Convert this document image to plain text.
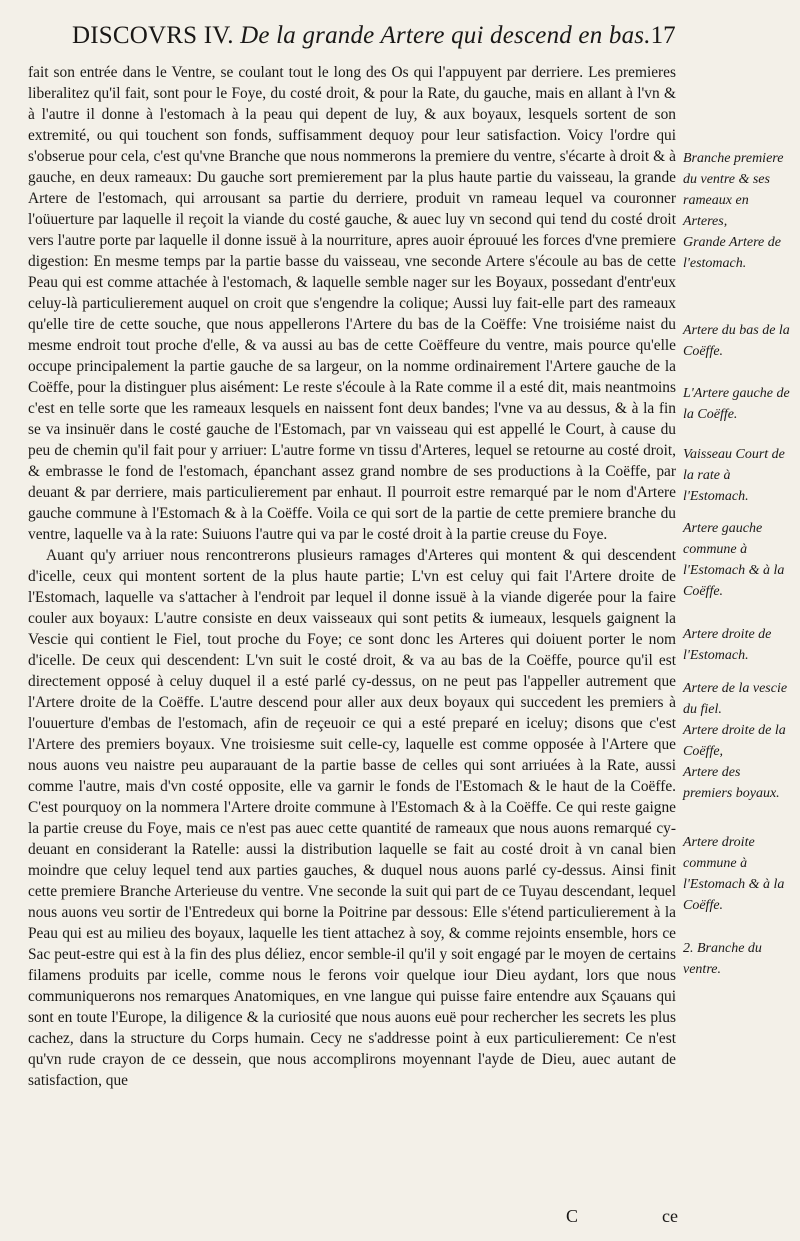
DISCOVRS IV. De la grande Artere qui descend en bas. 17

fait son entrée dans le Ventre, se coulant tout le long des Os qui l'appuyent par derriere. Les premieres liberalitez qu'il fait, sont pour le Foye, du costé droit, & pour la Rate, du gauche, mais en allant à l'vn & à l'autre il donne à l'estomach à la peau qui depent de luy, & aux boyaux, lesquels sortent de son extremité, ou qui touchent son fonds, suffisamment dequoy pour leur satisfaction. Voicy l'ordre qui s'obserue pour cela, c'est qu'vne Branche que nous nommerons la premiere du ventre, s'écarte à droit & à gauche, en deux rameaux: Du gauche sort premierement par la plus haute partie du vaisseau, la grande Artere de l'estomach, qui arrousant sa partie du derriere, produit vn rameau lequel va couronner l'oüuerture par laquelle il reçoit la viande du costé gauche, & auec luy vn second qui tend du costé droit vers l'autre porte par laquelle il donne issuë à la nourriture, apres auoir éprouué les forces d'vne premiere digestion: En mesme temps par la partie basse du vaisseau, vne seconde Artere s'écoule au bas de cette Peau qui est comme attachée à l'estomach, & laquelle semble nager sur les Boyaux, possedant d'entr'eux celuy-là particulierement auquel on croit que s'engendre la colique; Aussi luy fait-elle part des rameaux qu'elle tire de cette souche, que nous appellerons l'Artere du bas de la Coëffe: Vne troisiéme naist du mesme endroit tout proche d'elle, & va aussi au bas de cette Coëffeure du ventre, mais pource qu'elle occupe principalement la partie gauche de sa largeur, on la nomme ordinairement l'Artere gauche de la Coëffe, pour la distinguer plus aisément: Le reste s'écoule à la Rate comme il a esté dit, mais neantmoins c'est en telle sorte que les rameaux lesquels en naissent font deux bandes; l'vne va au dessus, & à la fin se va insinuër dans le costé gauche de l'Estomach, par vn vaisseau qui est appellé le Court, à cause du peu de chemin qu'il fait pour y arriuer: L'autre forme vn tissu d'Arteres, lequel se retourne au costé droit, & embrasse le fond de l'estomach, épanchant assez grand nombre de ses productions à la Coëffe, par deuant & par derriere, mais particulierement par enhaut. Il pourroit estre remarqué par le nom d'Artere gauche commune à l'Estomach & à la Coëffe. Voila ce qui sort de la partie de cette premiere branche du ventre, laquelle va à la rate: Suiuons l'autre qui va par le costé droit à la partie creuse du Foye.

Auant qu'y arriuer nous rencontrerons plusieurs ramages d'Arteres qui montent & qui descendent d'icelle, ceux qui montent sortent de la plus haute partie; L'vn est celuy qui fait l'Artere droite de l'Estomach, laquelle va s'attacher à l'endroit par lequel il donne issuë à la viande digerée pour la faire couler aux boyaux: L'autre consiste en deux vaisseaux qui sont petits & iumeaux, lesquels gaignent la Vescie qui contient le Fiel, tout proche du Foye; ce sont donc les Arteres qui doiuent porter le nom d'icelle. De ceux qui descendent: L'vn suit le costé droit, & va au bas de la Coëffe, pource qu'il est directement opposé à celuy duquel il a esté parlé cy-dessus, on ne peut pas l'appeller autrement que l'Artere droite de la Coëffe. L'autre descend pour aller aux deux boyaux qui succedent les premiers à l'ouuerture d'embas de l'estomach, afin de reçeuoir ce qui a esté preparé en iceluy; disons que c'est l'Artere des premiers boyaux. Vne troisiesme suit celle-cy, laquelle est comme opposée à l'Artere que nous auons veu naistre peu auparauant de la partie basse de celles qui sont arriuées à la Rate, aussi comme l'autre, mais d'vn costé opposite, elle va garnir le fonds de l'Estomach & le haut de la Coëffe. C'est pourquoy on la nommera l'Artere droite commune à l'Estomach & à la Coëffe. Ce qui reste gaigne la partie creuse du Foye, mais ce n'est pas auec cette quantité de rameaux que nous auons remarqué cy-deuant en considerant la Ratelle: aussi la distribution laquelle se fait au costé droit à vn canal bien moindre que celuy lequel tend aux parties gauches, & duquel nous auons parlé cy-dessus. Ainsi finit cette premiere Branche Arterieuse du ventre. Vne seconde la suit qui part de ce Tuyau descendant, lequel nous auons veu sortir de l'Entredeux qui borne la Poitrine par dessous: Elle s'étend particulierement à la Peau qui est au milieu des boyaux, laquelle les tient attachez à soy, & comme rejoints ensemble, hors ce Sac peut-estre qui est à la fin des plus déliez, encor semble-il qu'il y soit engagé par le moyen de certains filamens produits par icelle, comme nous le ferons voir quelque iour Dieu aydant, lors que nous communiquerons nos remarques Anatomiques, en vne langue qui puisse faire entendre aux Sçauans qui sont en toute l'Europe, la diligence & la curiosité que nous auons euë pour rechercher les secrets les plus cachez, dans la structure du Corps humain. Cecy ne s'addresse point à eux particulierement: Ce n'est qu'vn rude crayon de ce dessein, que nous accomplirons moyennant l'ayde de Dieu, auec autant de satisfaction, que

Branche premiere du ventre & ses rameaux en Arteres,
Grande Artere de l'estomach.
Artere du bas de la Coëffe.
L'Artere gauche de la Coëffe.
Vaisseau Court de la rate à l'Estomach.
Artere gauche commune à l'Estomach & à la Coëffe.
Artere droite de l'Estomach.
Artere de la vescie du fiel.
Artere droite de la Coëffe,
Artere des premiers boyaux.
Artere droite commune à l'Estomach & à la Coëffe.
2. Branche du ventre.
C	ce
